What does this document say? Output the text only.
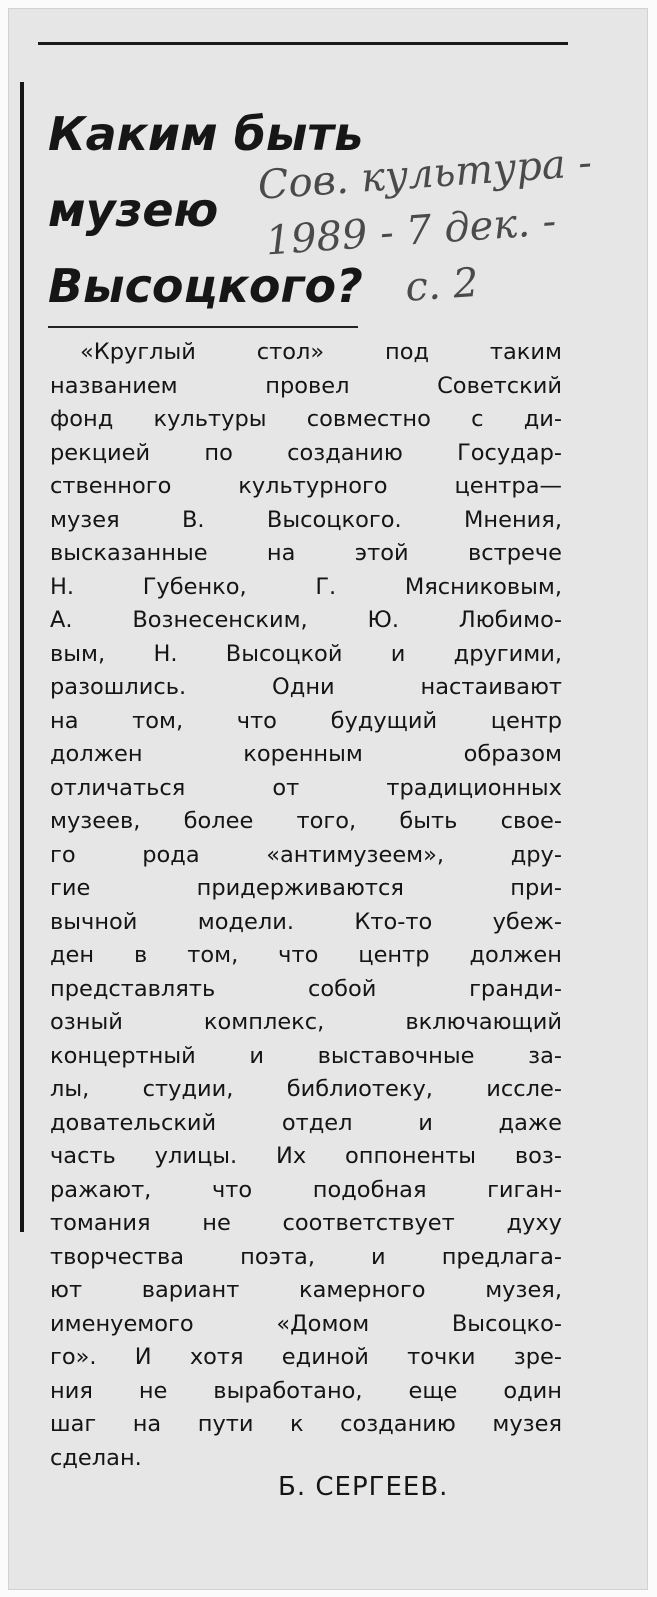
Каким быть
музею
Высоцкого?
Сов. культура -
1989 - 7 дек. -
с. 2
«Круглый стол» под таким
названием провел Советский
фонд культуры совместно с ди-
рекцией по созданию Государ-
ственного культурного центра—
музея В. Высоцкого. Мнения,
высказанные на этой встрече
Н. Губенко, Г. Мясниковым,
А. Вознесенским, Ю. Любимо-
вым, Н. Высоцкой и другими,
разошлись. Одни настаивают
на том, что будущий центр
должен коренным образом
отличаться от традиционных
музеев, более того, быть свое-
го рода «антимузеем», дру-
гие придерживаются при-
вычной модели. Кто-то убеж-
ден в том, что центр должен
представлять собой гранди-
озный комплекс, включающий
концертный и выставочные за-
лы, студии, библиотеку, иссле-
довательский отдел и даже
часть улицы. Их оппоненты воз-
ражают, что подобная гиган-
томания не соответствует духу
творчества поэта, и предлага-
ют вариант камерного музея,
именуемого «Домом Высоцко-
го». И хотя единой точки зре-
ния не выработано, еще один
шаг на пути к созданию музея
сделан.
Б. СЕРГЕЕВ.
